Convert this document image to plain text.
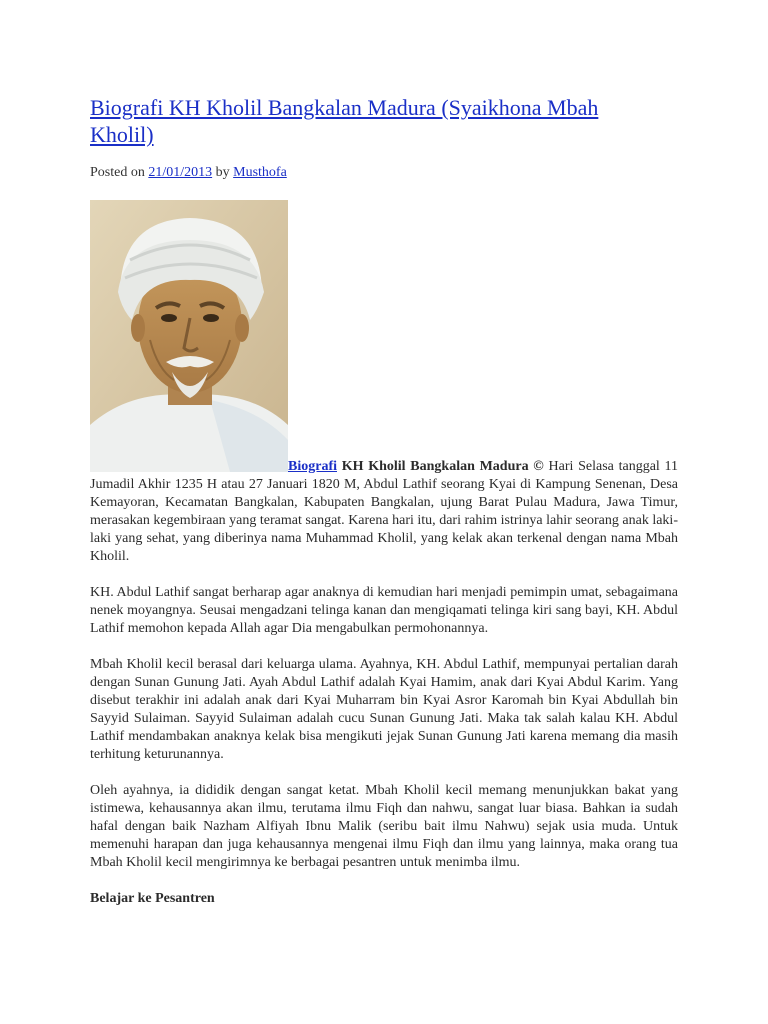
Biografi KH Kholil Bangkalan Madura (Syaikhona Mbah Kholil)
Posted on 21/01/2013 by Musthofa

Biografi KH Kholil Bangkalan Madura © Hari Selasa tanggal 11 Jumadil Akhir 1235 H atau 27 Januari 1820 M, Abdul Lathif seorang Kyai di Kampung Senenan, Desa Kemayoran, Kecamatan Bangkalan, Kabupaten Bangkalan, ujung Barat Pulau Madura, Jawa Timur, merasakan kegembiraan yang teramat sangat. Karena hari itu, dari rahim istrinya lahir seorang anak laki-laki yang sehat, yang diberinya nama Muhammad Kholil, yang kelak akan terkenal dengan nama Mbah Kholil.

KH. Abdul Lathif sangat berharap agar anaknya di kemudian hari menjadi pemimpin umat, sebagaimana nenek moyangnya. Seusai mengadzani telinga kanan dan mengiqamati telinga kiri sang bayi, KH. Abdul Lathif memohon kepada Allah agar Dia mengabulkan permohonannya.

Mbah Kholil kecil berasal dari keluarga ulama. Ayahnya, KH. Abdul Lathif, mempunyai pertalian darah dengan Sunan Gunung Jati. Ayah Abdul Lathif adalah Kyai Hamim, anak dari Kyai Abdul Karim. Yang disebut terakhir ini adalah anak dari Kyai Muharram bin Kyai Asror Karomah bin Kyai Abdullah bin Sayyid Sulaiman. Sayyid Sulaiman adalah cucu Sunan Gunung Jati. Maka tak salah kalau KH. Abdul Lathif mendambakan anaknya kelak bisa mengikuti jejak Sunan Gunung Jati karena memang dia masih terhitung keturunannya.

Oleh ayahnya, ia dididik dengan sangat ketat. Mbah Kholil kecil memang menunjukkan bakat yang istimewa, kehausannya akan ilmu, terutama ilmu Fiqh dan nahwu, sangat luar biasa. Bahkan ia sudah hafal dengan baik Nazham Alfiyah Ibnu Malik (seribu bait ilmu Nahwu) sejak usia muda. Untuk memenuhi harapan dan juga kehausannya mengenai ilmu Fiqh dan ilmu yang lainnya, maka orang tua Mbah Kholil kecil mengirimnya ke berbagai pesantren untuk menimba ilmu.

Belajar ke Pesantren
